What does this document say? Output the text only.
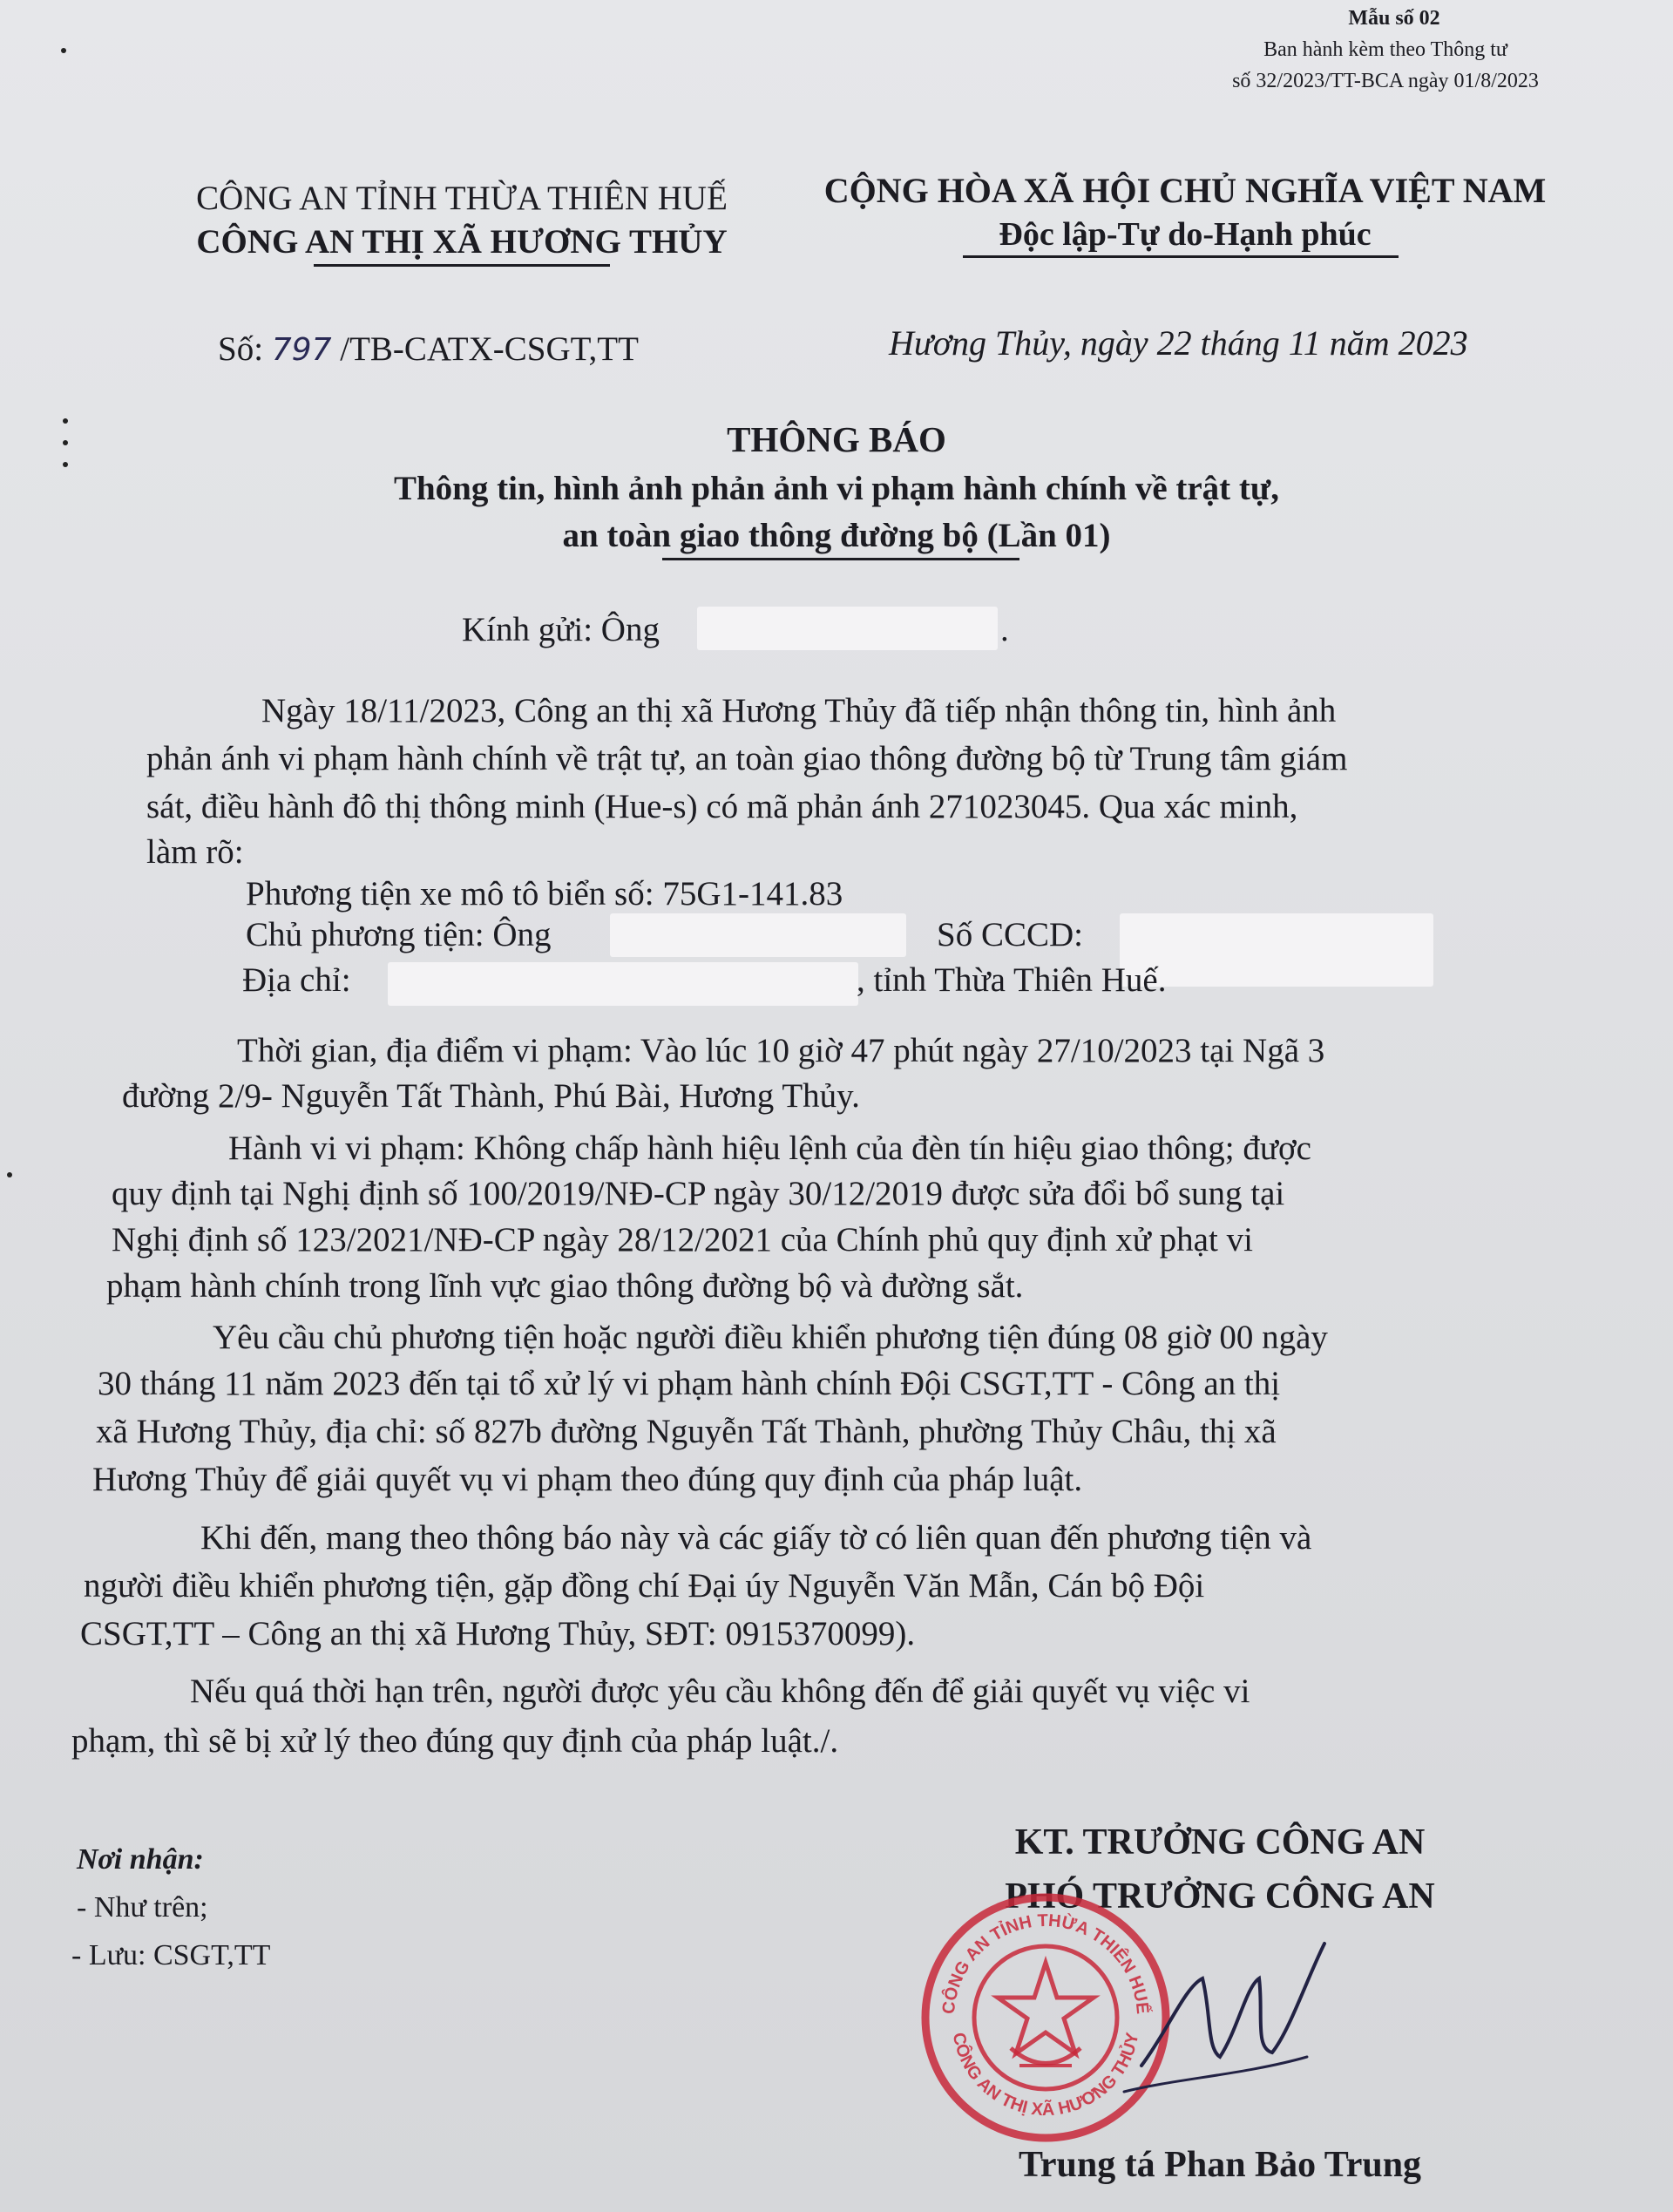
Mẫu số 02
Ban hành kèm theo Thông tư
số 32/2023/TT-BCA ngày 01/8/2023
CÔNG AN TỈNH THỪA THIÊN HUẾ
CÔNG AN THỊ XÃ HƯƠNG THỦY
CỘNG HÒA XÃ HỘI CHỦ NGHĨA VIỆT NAM
Độc lập-Tự do-Hạnh phúc
Số: 797 /TB-CATX-CSGT,TT	Hương Thủy, ngày 22 tháng 11 năm 2023
THÔNG BÁO
Thông tin, hình ảnh phản ảnh vi phạm hành chính về trật tự,
an toàn giao thông đường bộ (Lần 01)
Kính gửi: Ông	.
Ngày 18/11/2023, Công an thị xã Hương Thủy đã tiếp nhận thông tin, hình ảnh
phản ánh vi phạm hành chính về trật tự, an toàn giao thông đường bộ từ Trung tâm giám
sát, điều hành đô thị thông minh (Hue-s) có mã phản ánh 271023045. Qua xác minh,
làm rõ:
Phương tiện xe mô tô biển số: 75G1-141.83
Chủ phương tiện: Ông	Số CCCD:
Địa chỉ:	, tỉnh Thừa Thiên Huế.
Thời gian, địa điểm vi phạm: Vào lúc 10 giờ 47 phút ngày 27/10/2023 tại Ngã 3
đường 2/9- Nguyễn Tất Thành, Phú Bài, Hương Thủy.
Hành vi vi phạm: Không chấp hành hiệu lệnh của đèn tín hiệu giao thông; được
quy định tại Nghị định số 100/2019/NĐ-CP ngày 30/12/2019 được sửa đổi bổ sung tại
Nghị định số 123/2021/NĐ-CP ngày 28/12/2021 của Chính phủ quy định xử phạt vi
phạm hành chính trong lĩnh vực giao thông đường bộ và đường sắt.
Yêu cầu chủ phương tiện hoặc người điều khiển phương tiện đúng 08 giờ 00 ngày
30 tháng 11 năm 2023 đến tại tổ xử lý vi phạm hành chính Đội CSGT,TT - Công an thị
xã Hương Thủy, địa chỉ: số 827b đường Nguyễn Tất Thành, phường Thủy Châu, thị xã
Hương Thủy để giải quyết vụ vi phạm theo đúng quy định của pháp luật.
Khi đến, mang theo thông báo này và các giấy tờ có liên quan đến phương tiện và
người điều khiển phương tiện, gặp đồng chí Đại úy Nguyễn Văn Mẫn, Cán bộ Đội
CSGT,TT – Công an thị xã Hương Thủy, SĐT: 0915370099).
Nếu quá thời hạn trên, người được yêu cầu không đến để giải quyết vụ việc vi
phạm, thì sẽ bị xử lý theo đúng quy định của pháp luật./.
Nơi nhận:
- Như trên;
- Lưu: CSGT,TT
KT. TRƯỞNG CÔNG AN
PHÓ TRƯỞNG CÔNG AN
Trung tá Phan Bảo Trung
CÔNG AN TỈNH THỪA THIÊN HUẾ
CÔNG AN THỊ XÃ HƯƠNG THỦY
